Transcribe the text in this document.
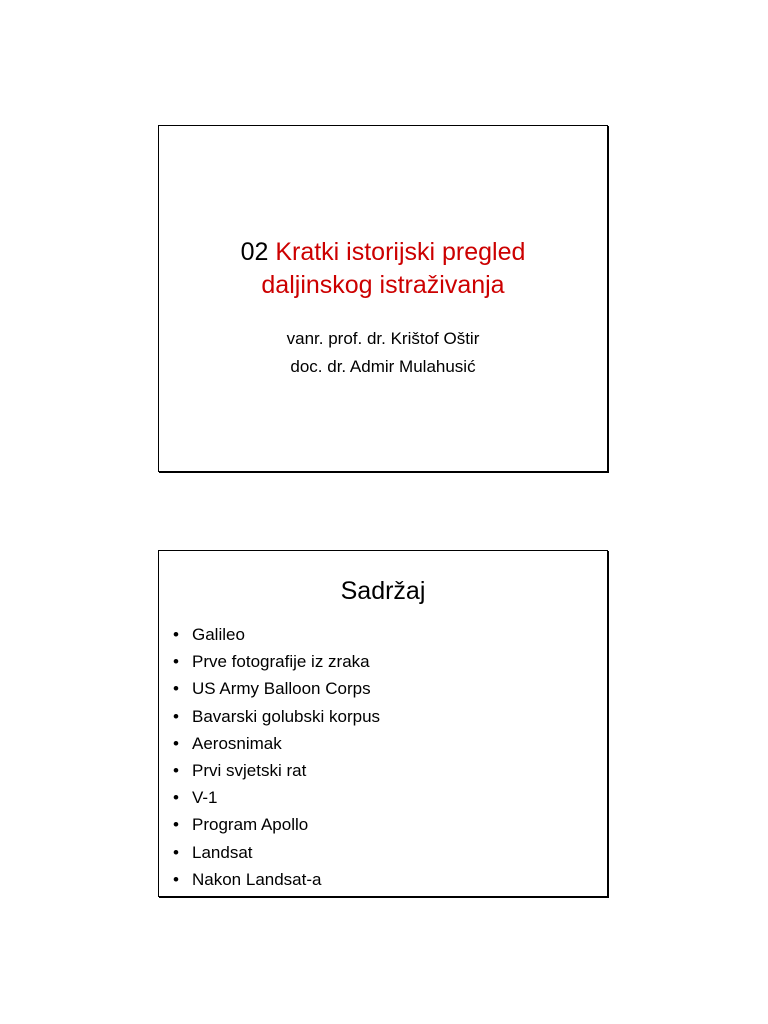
02 Kratki istorijski pregled
daljinskog istraživanja
vanr. prof. dr. Krištof Oštir
doc. dr. Admir Mulahusić
Sadržaj
• Galileo
• Prve fotografije iz zraka
• US Army Balloon Corps
• Bavarski golubski korpus
• Aerosnimak
• Prvi svjetski rat
• V-1
• Program Apollo
• Landsat
• Nakon Landsat-a
